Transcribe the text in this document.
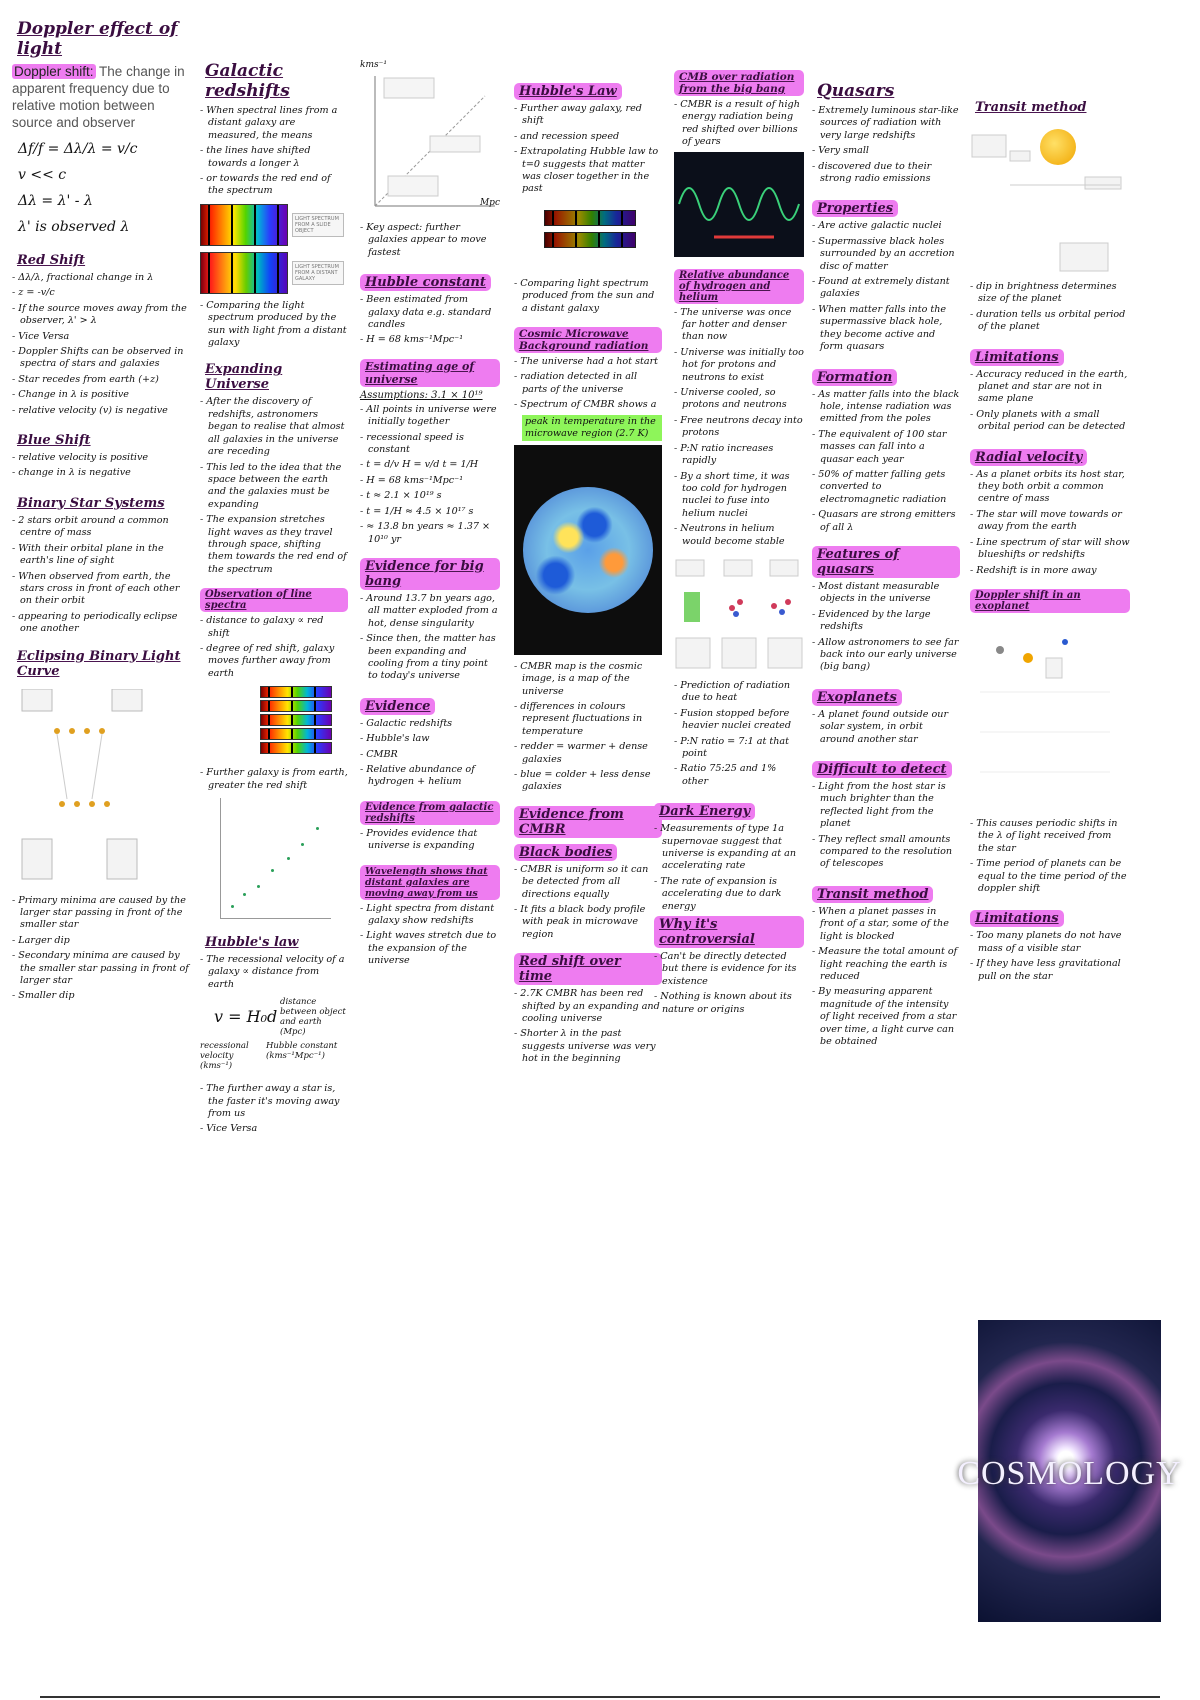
Doppler effect of light
Doppler shift: The change in apparent frequency due to relative motion between source and observer
Δf/f = Δλ/λ = v/c
v << c
Δλ = λ' - λ
λ' is observed λ
Red Shift
- Δλ/λ, fractional change in λ
- z = -v/c
- If the source moves away from the observer, λ' > λ
- Vice Versa
- Doppler Shifts can be observed in spectra of stars and galaxies
- Star recedes from earth (+z)
- Change in λ is positive
- relative velocity (v) is negative
Blue Shift
- relative velocity is positive
- change in λ is negative
Binary Star Systems
- 2 stars orbit around a common centre of mass
- With their orbital plane in the earth's line of sight
- When observed from earth, the stars cross in front of each other on their orbit
- appearing to periodically eclipse one another
Eclipsing Binary Light Curve
- Primary minima are caused by the larger star passing in front of the smaller star
- Larger dip
- Secondary minima are caused by the smaller star passing in front of larger star
- Smaller dip
Galactic redshifts
- When spectral lines from a distant galaxy are measured, the means
- the lines have shifted towards a longer λ
- or towards the red end of the spectrum
LIGHT SPECTRUM FROM A SLIDE OBJECT
LIGHT SPECTRUM FROM A DISTANT GALAXY
- Comparing the light spectrum produced by the sun with light from a distant galaxy
Expanding Universe
- After the discovery of redshifts, astronomers began to realise that almost all galaxies in the universe are receding
- This led to the idea that the space between the earth and the galaxies must be expanding
- The expansion stretches light waves as they travel through space, shifting them towards the red end of the spectrum
Observation of line spectra
- distance to galaxy ∝ red shift
- degree of red shift, galaxy moves further away from earth
- Further galaxy is from earth, greater the red shift
Hubble's law
- The recessional velocity of a galaxy ∝ distance from earth
v = H₀d
distance between object and earth (Mpc)
recessional velocity (kms⁻¹)
Hubble constant (kms⁻¹Mpc⁻¹)
- The further away a star is, the faster it's moving away from us
- Vice Versa
kms⁻¹
Mpc
- Key aspect: further galaxies appear to move fastest
Hubble constant
- Been estimated from galaxy data e.g. standard candles
- H = 68 kms⁻¹Mpc⁻¹
Estimating age of universe
Assumptions: 3.1 × 10¹⁹
- All points in universe were initially together
- recessional speed is constant
- t = d/v H = v/d t = 1/H
- H = 68 kms⁻¹Mpc⁻¹
- t ≈ 2.1 × 10¹⁹ s
- t = 1/H ≈ 4.5 × 10¹⁷ s
- ≈ 13.8 bn years ≈ 1.37 × 10¹⁰ yr
Evidence for big bang
- Around 13.7 bn years ago, all matter exploded from a hot, dense singularity
- Since then, the matter has been expanding and cooling from a tiny point to today's universe
Evidence
- Galactic redshifts
- Hubble's law
- CMBR
- Relative abundance of hydrogen + helium
Evidence from galactic redshifts
- Provides evidence that universe is expanding
Wavelength shows that distant galaxies are moving away from us
- Light spectra from distant galaxy show redshifts
- Light waves stretch due to the expansion of the universe
Hubble's Law
- Further away galaxy, red shift
- and recession speed
- Extrapolating Hubble law to t=0 suggests that matter was closer together in the past
- Comparing light spectrum produced from the sun and a distant galaxy
Cosmic Microwave Background radiation
- The universe had a hot start
- radiation detected in all parts of the universe
- Spectrum of CMBR shows a
peak in temperature in the microwave region (2.7 K)
- CMBR map is the cosmic image, is a map of the universe
- differences in colours represent fluctuations in temperature
- redder = warmer + dense galaxies
- blue = colder + less dense galaxies
Evidence from CMBR
Black bodies
- CMBR is uniform so it can be detected from all directions equally
- It fits a black body profile with peak in microwave region
Red shift over time
- 2.7K CMBR has been red shifted by an expanding and cooling universe
- Shorter λ in the past suggests universe was very hot in the beginning
CMB over radiation from the big bang
- CMBR is a result of high energy radiation being red shifted over billions of years
Relative abundance of hydrogen and helium
- The universe was once far hotter and denser than now
- Universe was initially too hot for protons and neutrons to exist
- Universe cooled, so protons and neutrons
- Free neutrons decay into protons
- P:N ratio increases rapidly
- By a short time, it was too cold for hydrogen nuclei to fuse into helium nuclei
- Neutrons in helium would become stable
- Prediction of radiation due to heat
- Fusion stopped before heavier nuclei created
- P:N ratio = 7:1 at that point
- Ratio 75:25 and 1% other
Dark Energy
- Measurements of type 1a supernovae suggest that universe is expanding at an accelerating rate
- The rate of expansion is accelerating due to dark energy
Why it's controversial
- Can't be directly detected but there is evidence for its existence
- Nothing is known about its nature or origins
Quasars
- Extremely luminous star-like sources of radiation with very large redshifts
- Very small
- discovered due to their strong radio emissions
Properties
- Are active galactic nuclei
- Supermassive black holes surrounded by an accretion disc of matter
- Found at extremely distant galaxies
- When matter falls into the supermassive black hole, they become active and form quasars
Formation
- As matter falls into the black hole, intense radiation was emitted from the poles
- The equivalent of 100 star masses can fall into a quasar each year
- 50% of matter falling gets converted to electromagnetic radiation
- Quasars are strong emitters of all λ
Features of quasars
- Most distant measurable objects in the universe
- Evidenced by the large redshifts
- Allow astronomers to see far back into our early universe (big bang)
Exoplanets
- A planet found outside our solar system, in orbit around another star
Difficult to detect
- Light from the host star is much brighter than the reflected light from the planet
- They reflect small amounts compared to the resolution of telescopes
Transit method
- When a planet passes in front of a star, some of the light is blocked
- Measure the total amount of light reaching the earth is reduced
- By measuring apparent magnitude of the intensity of light received from a star over time, a light curve can be obtained
Transit method
- dip in brightness determines size of the planet
- duration tells us orbital period of the planet
Limitations
- Accuracy reduced in the earth, planet and star are not in same plane
- Only planets with a small orbital period can be detected
Radial velocity
- As a planet orbits its host star, they both orbit a common centre of mass
- The star will move towards or away from the earth
- Line spectrum of star will show blueshifts or redshifts
- Redshift is in more away
Doppler shift in an exoplanet
- This causes periodic shifts in the λ of light received from the star
- Time period of planets can be equal to the time period of the doppler shift
Limitations
- Too many planets do not have mass of a visible star
- If they have less gravitational pull on the star
COSMOLOGY
